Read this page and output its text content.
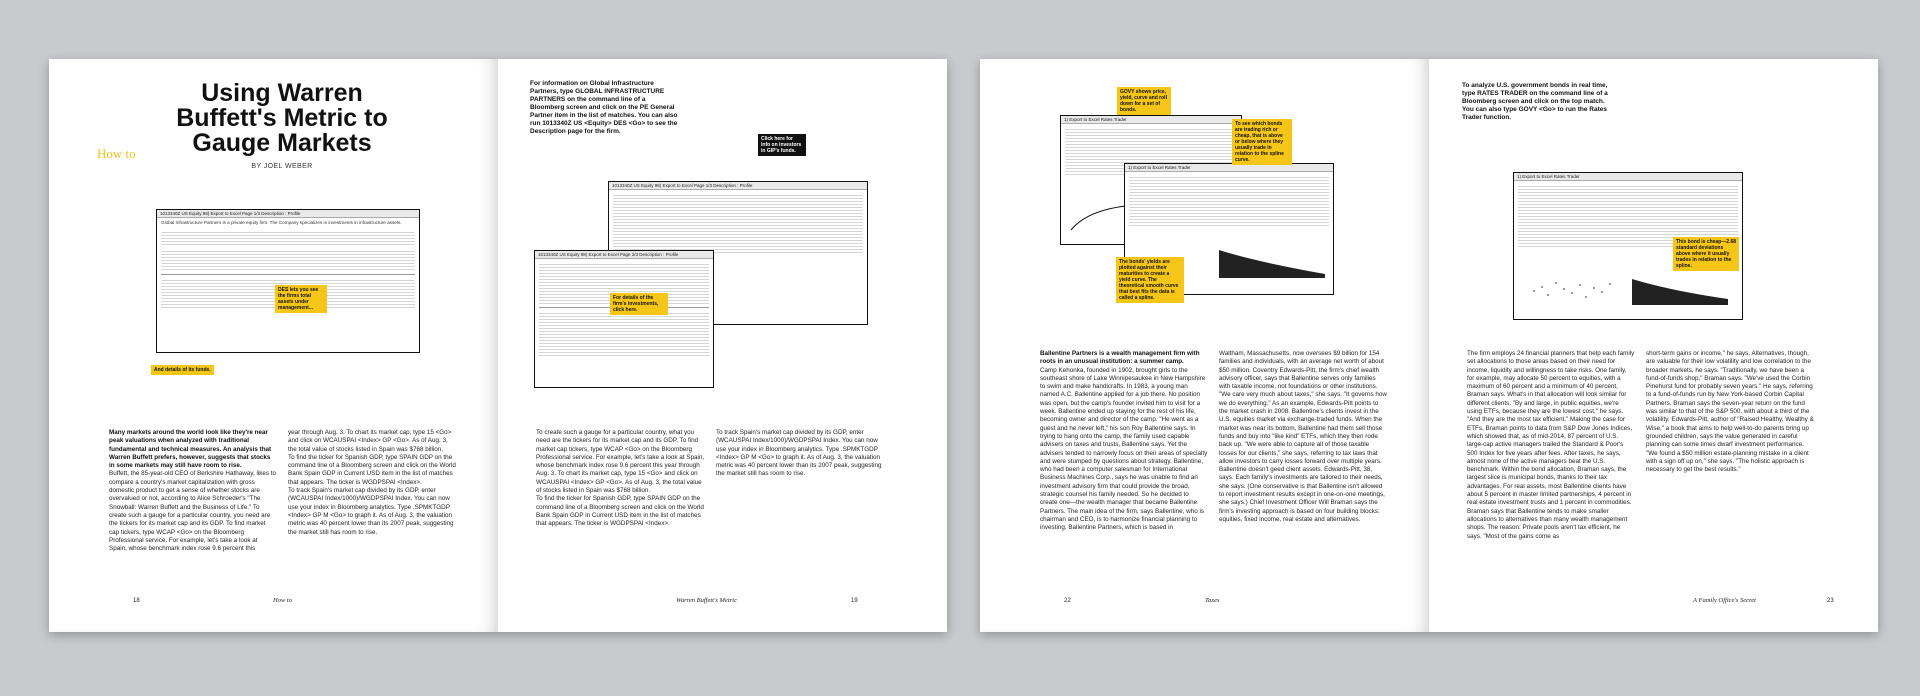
How to
Using Warren Buffett's Metric to Gauge Markets
BY JOEL WEBER
1013340Z US Equity 98) Export to Excel Page 1/3 Description : Profile
Global Infrastructure Partners is a private equity firm. The Company specializes in investments in infrastructure assets.
DES lets you see the firms total assets under management...
And details of its funds.

Many markets around the world look like they're near peak valuations when analyzed with traditional fundamental and technical measures. An analysis that Warren Buffett prefers, however, suggests that stocks in some markets may still have room to rise.

Buffett, the 85-year-old CEO of Berkshire Hathaway, likes to compare a country's market capitalization with gross domestic product to get a sense of whether stocks are overvalued or not, according to Alice Schroeder's "The Snowball: Warren Buffett and the Business of Life." To create such a gauge for a particular country, you need are the tickers for its market cap and its GDP. To find market cap tickers, type WCAP <Go> on the Bloomberg Professional service. For example, let's take a look at Spain, whose benchmark index rose 9.6 percent this

year through Aug. 3. To chart its market cap, type 15 <Go> and click on WCAUSPAI <Index> GP <Go>. As of Aug. 3, the total value of stocks listed in Spain was $768 billion.

To find the ticker for Spanish GDP, type SPAIN GDP on the command line of a Bloomberg screen and click on the World Bank Spain GDP in Current USD item in the list of matches that appears. The ticker is WGDPSPAI <Index>.

To track Spain's market cap divided by its GDP, enter (WCAUSPAI Index/1000)/WGDPSPAI Index. You can now use your index in Bloomberg analytics. Type .SPMKTGDP <Index> GP M <Go> to graph it. As of Aug. 3, the valuation metric was 40 percent lower than its 2007 peak, suggesting the market still has room to rise.

18	How to
For information on Global Infrastructure Partners, type GLOBAL INFRASTRUCTURE PARTNERS on the command line of a Bloomberg screen and click on the PE General Partner item in the list of matches. You can also run 1013340Z US <Equity> DES <Go> to see the Description page for the firm.
1013340Z US Equity 98) Export to Excel Page 1/3 Description : Profile
1013340Z US Equity 98) Export to Excel Page 3/3 Description : Profile
Click here for info on investors in GIP's funds.
For details of the firm's investments, click here.

To create such a gauge for a particular country, what you need are the tickers for its market cap and its GDP. To find market cap tickers, type WCAP <Go> on the Bloomberg Professional service. For example, let's take a look at Spain, whose benchmark index rose 9.6 percent this year through Aug. 3. To chart its market cap, type 15 <Go> and click on WCAUSPAI <Index> GP <Go>. As of Aug. 3, the total value of stocks listed in Spain was $768 billion.

To find the ticker for Spanish GDP, type SPAIN GDP on the command line of a Bloomberg screen and click on the World Bank Spain GDP in Current USD item in the list of matches that appears. The ticker is WGDPSPAI <Index>.

To track Spain's market cap divided by its GDP, enter (WCAUSPAI Index/1000)/WGDPSPAI Index. You can now use your index in Bloomberg analytics. Type .SPMKTGDP <Index> GP M <Go> to graph it. As of Aug. 3, the valuation metric was 40 percent lower than its 2007 peak, suggesting the market still has room to rise.

Warren Buffett's Metric	19
1) Export to Excel Rates Trader
1) Export to Excel Rates Trader
GOVY shows price, yield, curve and roll down for a set of bonds.
To see which bonds are trading rich or cheap, that is above or below where they usually trade in relation to the spline curve.
The bonds' yields are plotted against their maturities to create a yield curve. The theoretical smooth curve that best fits the data is called a spline.

Ballentine Partners is a wealth management firm with roots in an unusual institution: a summer camp.

Camp Kehonka, founded in 1902, brought girls to the southeast shore of Lake Winnipesaukee in New Hampshire to swim and make handicrafts. In 1983, a young man named A.C. Ballentine applied for a job there. No position was open, but the camp's founder invited him to visit for a week. Ballentine ended up staying for the rest of his life, becoming owner and director of the camp. "He went as a guest and he never left," his son Roy Ballentine says. In trying to hang onto the camp, the family used capable advisers on taxes and trusts, Ballentine says. Yet the advisers tended to narrowly focus on their areas of specialty and were stumped by questions about strategy. Ballentine, who had been a computer salesman for International Business Machines Corp., says he was unable to find an investment advisory firm that could provide the broad, strategic counsel his family needed. So he decided to create one—the wealth manager that became Ballentine Partners. The main idea of the firm, says Ballentine, who is chairman and CEO, is to harmonize financial planning to investing. Ballentine Partners, which is based in

Waltham, Massachusetts, now oversees $9 billion for 154 families and individuals, with an average net worth of about $50 million. Coventry Edwards-Pitt, the firm's chief wealth advisory officer, says that Ballentine serves only families with taxable income, not foundations or other institutions. "We care very much about taxes," she says. "It governs how we do everything." As an example, Edwards-Pitt points to the market crash in 2008. Ballentine's clients invest in the U.S. equities market via exchange-traded funds. When the market was near its bottom, Ballentine had them sell those funds and buy into "like kind" ETFs, which they then rode back up. "We were able to capture all of those taxable losses for our clients," she says, referring to tax laws that allow investors to carry losses forward over multiple years. Ballentine doesn't geed client assets. Edwards-Pitt, 38, says. Each family's investments are tailored to their needs, she says. (One conservative is that Ballentine isn't allowed to report investment results except in one-on-one meetings, she says.) Chief Investment Officer Will Braman says the firm's investing approach is based on four building blocks: equities, fixed income, real estate and alternatives.

22	Taxes
To analyze U.S. government bonds in real time, type RATES TRADER on the command line of a Bloomberg screen and click on the top match. You can also type GOVY <Go> to run the Rates Trader function.
1) Export to Excel Rates Trader
This bond is cheap—2.68 standard deviations above where it usually trades in relation to the spline.

The firm employs 24 financial planners that help each family set allocations to those areas based on their need for income, liquidity and willingness to take risks. One family, for example, may allocate 50 percent to equities, with a maximum of 60 percent and a minimum of 40 percent, Braman says. What's in that allocation will look similar for different clients. "By and large, in public equities, we're using ETFs, because they are the lowest cost," he says. "And they are the most tax efficient." Making the case for ETFs, Braman points to data from S&P Dow Jones Indices, which showed that, as of mid-2014, 87 percent of U.S. large-cap active managers trailed the Standard & Poor's 500 Index for five years after fees. After taxes, he says, almost none of the active managers beat the U.S. benchmark. Within the bond allocation, Braman says, the largest slice is municipal bonds, thanks to their tax advantages. For real assets, most Ballentine clients have about 5 percent in master limited partnerships, 4 percent in real estate investment trusts and 1 percent in commodities. Braman says that Ballentine tends to make smaller allocations to alternatives than many wealth management shops. The reason: Private pools aren't tax efficient, he says. "Most of the gains come as

short-term gains or income," he says. Alternatives, though, are valuable for their low volatility and low correlation to the broader markets, he says. "Traditionally, we have been a fund-of-funds shop," Braman says. "We've used the Corbin Pinehurst fund for probably seven years." He says, referring to a fund-of-funds run by New York-based Corbin Capital Partners. Braman says the seven-year return on the fund was similar to that of the S&P 500, with about a third of the volatility. Edwards-Pitt, author of "Raised Healthy, Wealthy & Wise," a book that aims to help well-to-do parents bring up grounded children, says the value generated in careful planning can some times dwarf investment performance. "We found a $50 million estate-planning mistake in a client with a sign off up on," she says. "The holistic approach is necessary to get the best results."

A Family Office's Secret	23
